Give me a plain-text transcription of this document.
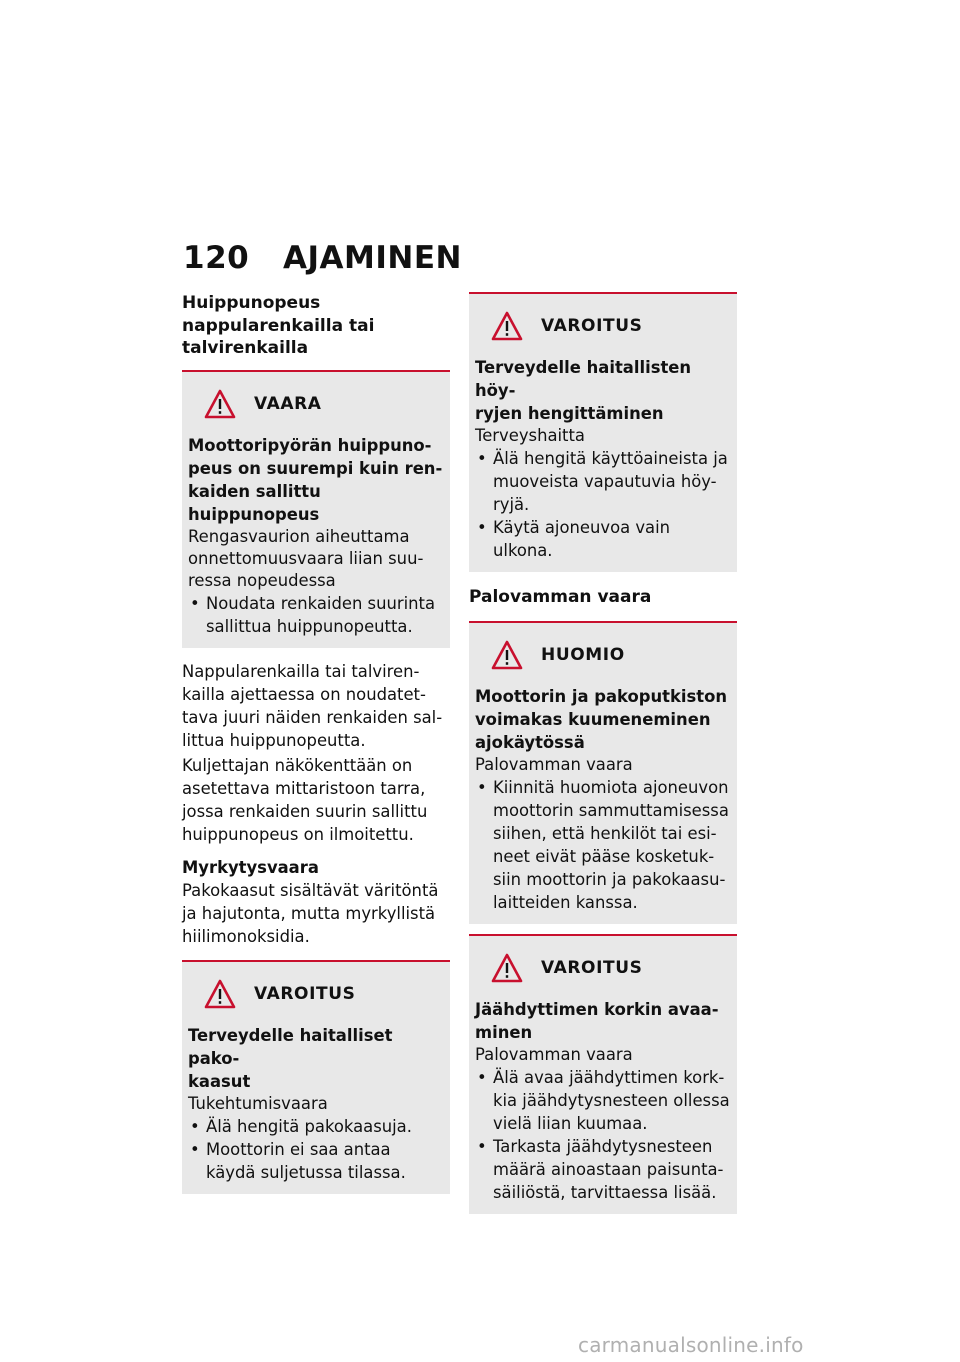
120 AJAMINEN
Huippunopeus
nappularenkailla tai
talvirenkailla
VAARA
Moottoripyörän huippuno-
peus on suurempi kuin ren-
kaiden sallittu huippunopeus
Rengasvaurion aiheuttama
onnettomuusvaara liian suu-
ressa nopeudessa
• Noudata renkaiden suurinta
sallittua huippunopeutta.
Nappularenkailla tai talviren-
kailla ajettaessa on noudatet-
tava juuri näiden renkaiden sal-
littua huippunopeutta.
Kuljettajan näkökenttään on
asetettava mittaristoon tarra,
jossa renkaiden suurin sallittu
huippunopeus on ilmoitettu.
Myrkytysvaara
Pakokaasut sisältävät väritöntä
ja hajutonta, mutta myrkyllistä
hiilimonoksidia.
VAROITUS
Terveydelle haitalliset pako-
kaasut
Tukehtumisvaara
• Älä hengitä pakokaasuja.
• Moottorin ei saa antaa
käydä suljetussa tilassa.
VAROITUS
Terveydelle haitallisten höy-
ryjen hengittäminen
Terveyshaitta
• Älä hengitä käyttöaineista ja
muoveista vapautuvia höy-
ryjä.
• Käytä ajoneuvoa vain ulkona.
Palovamman vaara
HUOMIO
Moottorin ja pakoputkiston
voimakas kuumeneminen
ajokäytössä
Palovamman vaara
• Kiinnitä huomiota ajoneuvon
moottorin sammuttamisessa
siihen, että henkilöt tai esi-
neet eivät pääse kosketuk-
siin moottorin ja pakokaasu-
laitteiden kanssa.
VAROITUS
Jäähdyttimen korkin avaa-
minen
Palovamman vaara
• Älä avaa jäähdyttimen kork-
kia jäähdytysnesteen ollessa
vielä liian kuumaa.
• Tarkasta jäähdytysnesteen
määrä ainoastaan paisunta-
säiliöstä, tarvittaessa lisää.
carmanualsonline.info
